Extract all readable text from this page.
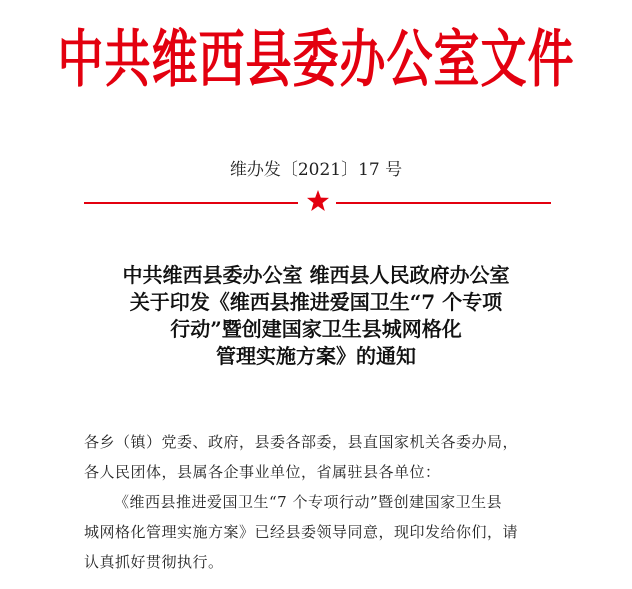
中共维西县委办公室文件
维办发〔2021〕17 号
中共维西县委办公室 维西县人民政府办公室
关于印发《维西县推进爱国卫生“7 个专项
行动”暨创建国家卫生县城网格化
管理实施方案》的通知
各乡（镇）党委、政府，县委各部委，县直国家机关各委办局，
各人民团体，县属各企事业单位，省属驻县各单位：
《维西县推进爱国卫生“7 个专项行动”暨创建国家卫生县
城网格化管理实施方案》已经县委领导同意，现印发给你们，请
认真抓好贯彻执行。
